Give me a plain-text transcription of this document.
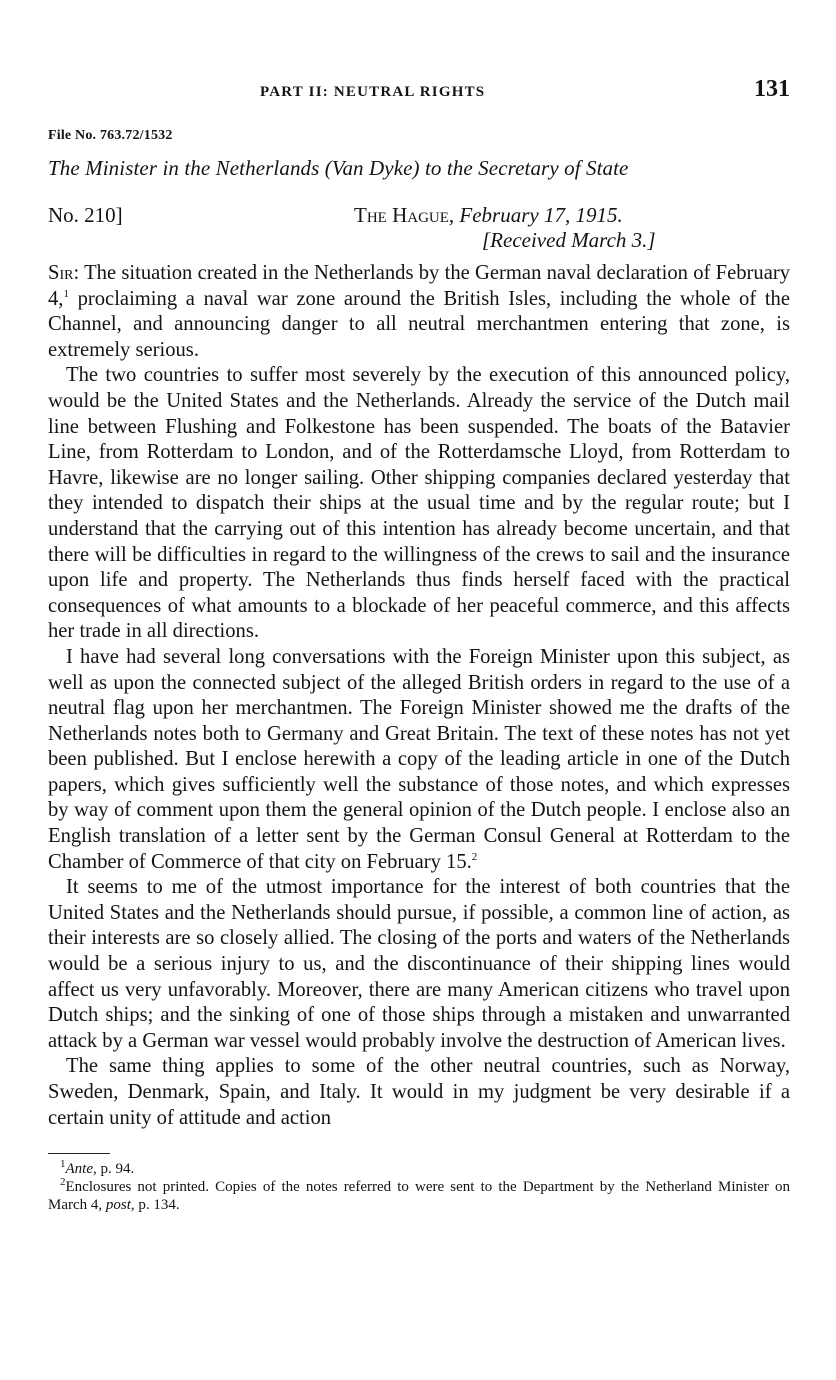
PART II: NEUTRAL RIGHTS	131
File No. 763.72/1532
The Minister in the Netherlands (Van Dyke) to the Secretary of State
No. 210]	The Hague, February 17, 1915.
[Received March 3.]

Sir: The situation created in the Netherlands by the German naval declaration of February 4,$^1$ proclaiming a naval war zone around the British Isles, including the whole of the Channel, and announcing danger to all neutral merchantmen entering that zone, is extremely serious.

The two countries to suffer most severely by the execution of this announced policy, would be the United States and the Netherlands. Already the service of the Dutch mail line between Flushing and Folkestone has been suspended. The boats of the Batavier Line, from Rotterdam to London, and of the Rotterdamsche Lloyd, from Rotterdam to Havre, likewise are no longer sailing. Other shipping companies declared yesterday that they intended to dispatch their ships at the usual time and by the regular route; but I understand that the carrying out of this intention has already become uncertain, and that there will be difficulties in regard to the willingness of the crews to sail and the insurance upon life and property. The Netherlands thus finds herself faced with the practical consequences of what amounts to a blockade of her peaceful commerce, and this affects her trade in all directions.

I have had several long conversations with the Foreign Minister upon this subject, as well as upon the connected subject of the alleged British orders in regard to the use of a neutral flag upon her merchantmen. The Foreign Minister showed me the drafts of the Netherlands notes both to Germany and Great Britain. The text of these notes has not yet been published. But I enclose herewith a copy of the leading article in one of the Dutch papers, which gives sufficiently well the substance of those notes, and which expresses by way of comment upon them the general opinion of the Dutch people. I enclose also an English translation of a letter sent by the German Consul General at Rotterdam to the Chamber of Commerce of that city on February 15.$^2$

It seems to me of the utmost importance for the interest of both countries that the United States and the Netherlands should pursue, if possible, a common line of action, as their interests are so closely allied. The closing of the ports and waters of the Netherlands would be a serious injury to us, and the discontinuance of their shipping lines would affect us very unfavorably. Moreover, there are many American citizens who travel upon Dutch ships; and the sinking of one of those ships through a mistaken and unwarranted attack by a German war vessel would probably involve the destruction of American lives.

The same thing applies to some of the other neutral countries, such as Norway, Sweden, Denmark, Spain, and Italy. It would in my judgment be very desirable if a certain unity of attitude and action

$^1$Ante, p. 94.

$^2$Enclosures not printed. Copies of the notes referred to were sent to the Department by the Netherland Minister on March 4, post, p. 134.
